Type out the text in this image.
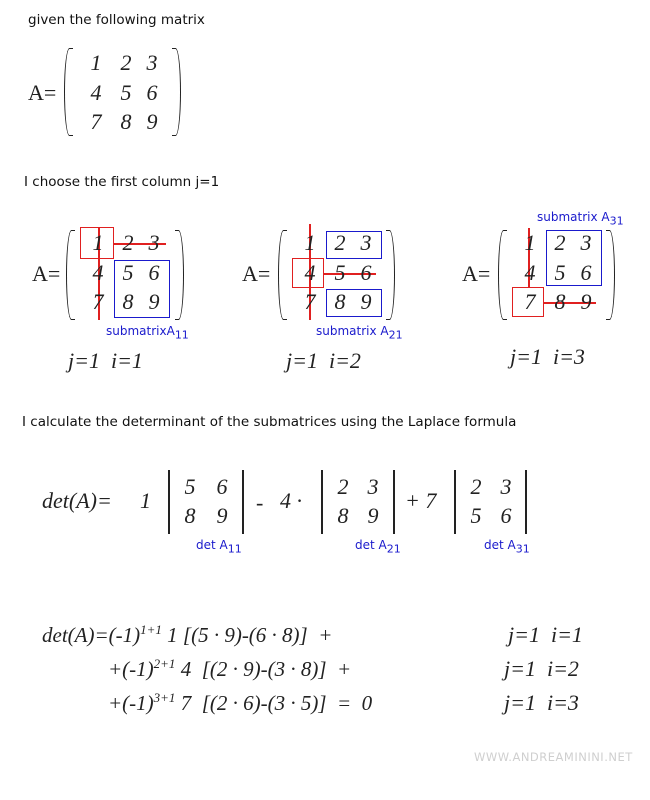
given the following matrix
A=
1 2 3
4 5 6
7 8 9
I choose the first column j=1
A=
1 2 3
4 5 6
7 8 9
submatrixA$_{11}$
j=1  i=1
A=
1 2 3
4 5 6
7 8 9
submatrix $A_{21}$
j=1  i=2
submatrix $A_{31}$
A=
1 2 3
4 5 6
7 8 9
j=1  i=3
I calculate the determinant of the submatrices using the Laplace formula
det(A)= 1
5 6
8 9
- 4 ·
2 3
8 9
+ 7
2 3
5 6
$\det A_{11}$	$\det A_{21}$	$\det A_{31}$
$\det(A)=(-1)^{1+1}$ 1 [(5 · 9)-(6 · 8)]  +
$+(-1)^{2+1}$ 4  [(2 · 9)-(3 · 8)]  +
$+(-1)^{3+1}$ 7  [(2 · 6)-(3 · 5)]  =  0
j=1  i=1
j=1  i=2
j=1  i=3
WWW.ANDREAMININI.NET
